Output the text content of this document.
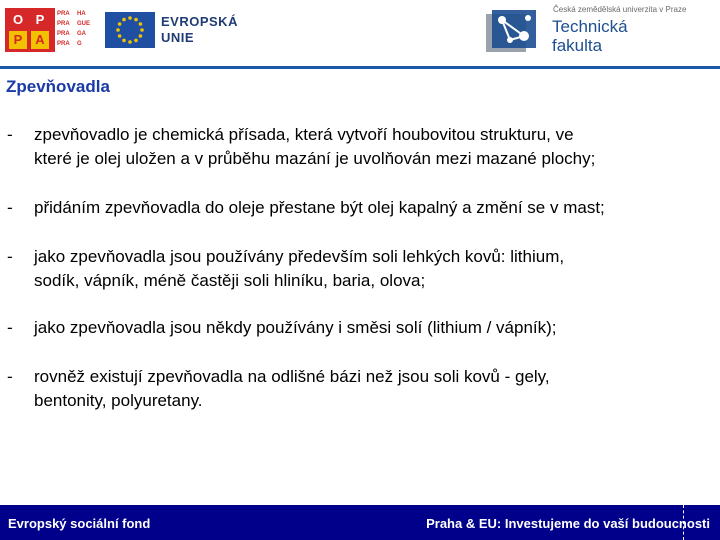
O P
P A
PRA HA
PRA GUE
PRA GA
PRA G
EVROPSKÁ
UNIE
Česká zemědělská univerzita v Praze
Technická
fakulta
Zpevňovadla
- zpevňovadlo je chemická přísada, která vytvoří houbovitou strukturu, ve
které je olej uložen a v průběhu mazání je uvolňován mezi mazané plochy;
- přidáním zpevňovadla do oleje přestane být olej kapalný a změní se v mast;
- jako zpevňovadla jsou používány především soli lehkých kovů: lithium,
sodík, vápník, méně častěji soli hliníku, baria, olova;
- jako zpevňovadla jsou někdy používány i směsi solí (lithium / vápník);
- rovněž existují zpevňovadla na odlišné bázi než jsou soli kovů - gely,
bentonity, polyuretany.
Evropský sociální fond	Praha & EU: Investujeme do vaší budoucnosti
